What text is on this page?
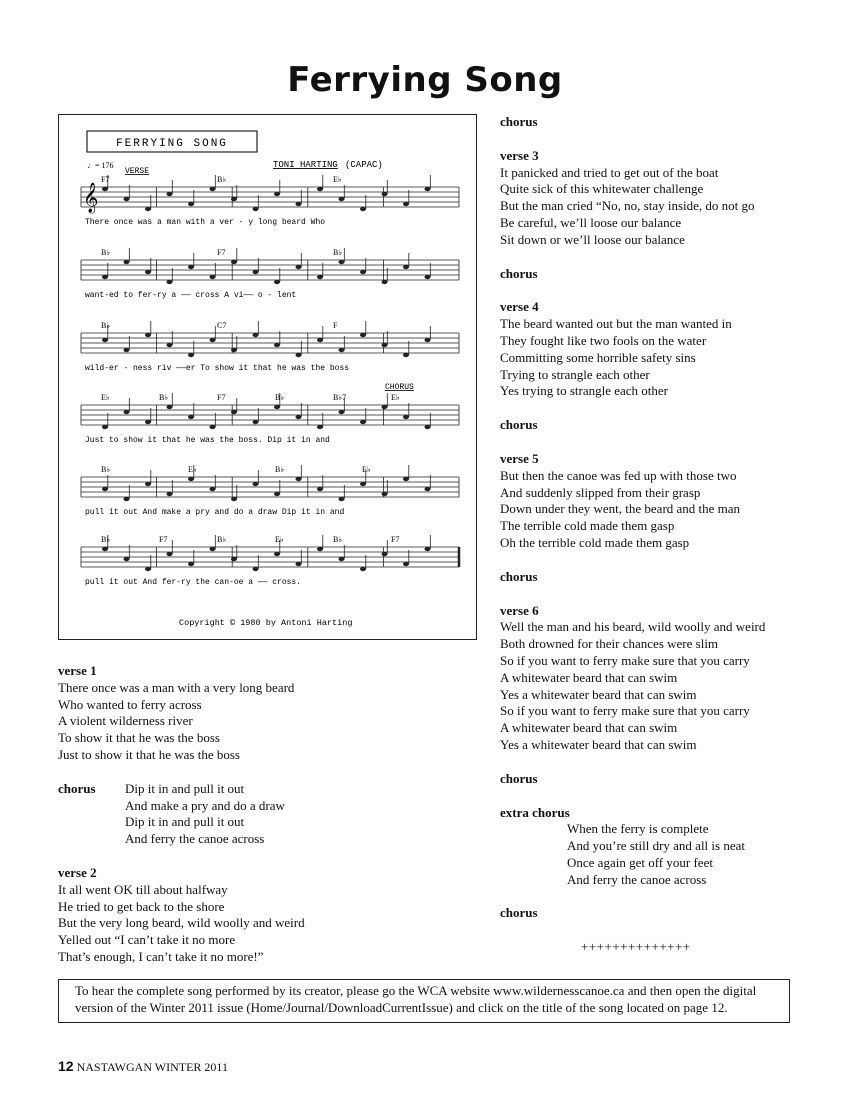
Ferrying Song
FERRYING SONG
TONI HARTING (CAPAC)
♩= 176
VERSE
CHORUS
F7	B♭	E♭
There once was a man with a ver - y long beard Who
B♭	F7	B♭
want-ed to fer-ry a —— cross A vi—— o - lent
B♭	C7	F
wild-er - ness riv ——er To show it that he was the boss
E♭	B♭	F7	B♭	B♭7	E♭
Just to show it that he was the boss. Dip it in and
B♭	E♭	B♭	E♭
pull it out And make a pry and do a draw Dip it in and
B♭	F7	B♭	E♭	B♭	F7
pull it out And fer-ry the can-oe a —— cross.
𝄞
Copyright © 1980 by Antoni Harting

verse 1

There once was a man with a very long beard

Who wanted to ferry across

A violent wilderness river

To show it that he was the boss

Just to show it that he was the boss

chorus	Dip it in and pull it out

And make a pry and do a draw

Dip it in and pull it out

And ferry the canoe across

verse 2

It all went OK till about halfway

He tried to get back to the shore

But the very long beard, wild woolly and weird

Yelled out “I can’t take it no more

That’s enough, I can’t take it no more!”

chorus

verse 3

It panicked and tried to get out of the boat

Quite sick of this whitewater challenge

But the man cried “No, no, stay inside, do not go

Be careful, we’ll loose our balance

Sit down or we’ll loose our balance

chorus

verse 4

The beard wanted out but the man wanted in

They fought like two fools on the water

Committing some horrible safety sins

Trying to strangle each other

Yes trying to strangle each other

chorus

verse 5

But then the canoe was fed up with those two

And suddenly slipped from their grasp

Down under they went, the beard and the man

The terrible cold made them gasp

Oh the terrible cold made them gasp

chorus

verse 6

Well the man and his beard, wild woolly and weird

Both drowned for their chances were slim

So if you want to ferry make sure that you carry

A whitewater beard that can swim

Yes a whitewater beard that can swim

So if you want to ferry make sure that you carry

A whitewater beard that can swim

Yes a whitewater beard that can swim

chorus

extra chorus

When the ferry is complete

And you’re still dry and all is neat

Once again get off your feet

And ferry the canoe across

chorus

++++++++++++++

To hear the complete song performed by its creator, please go the WCA website www.wildernesscanoe.ca and then open the digital version of the Winter 2011 issue (Home/Journal/DownloadCurrentIssue) and click on the title of the song located on page 12.
12 NASTAWGAN WINTER 2011
